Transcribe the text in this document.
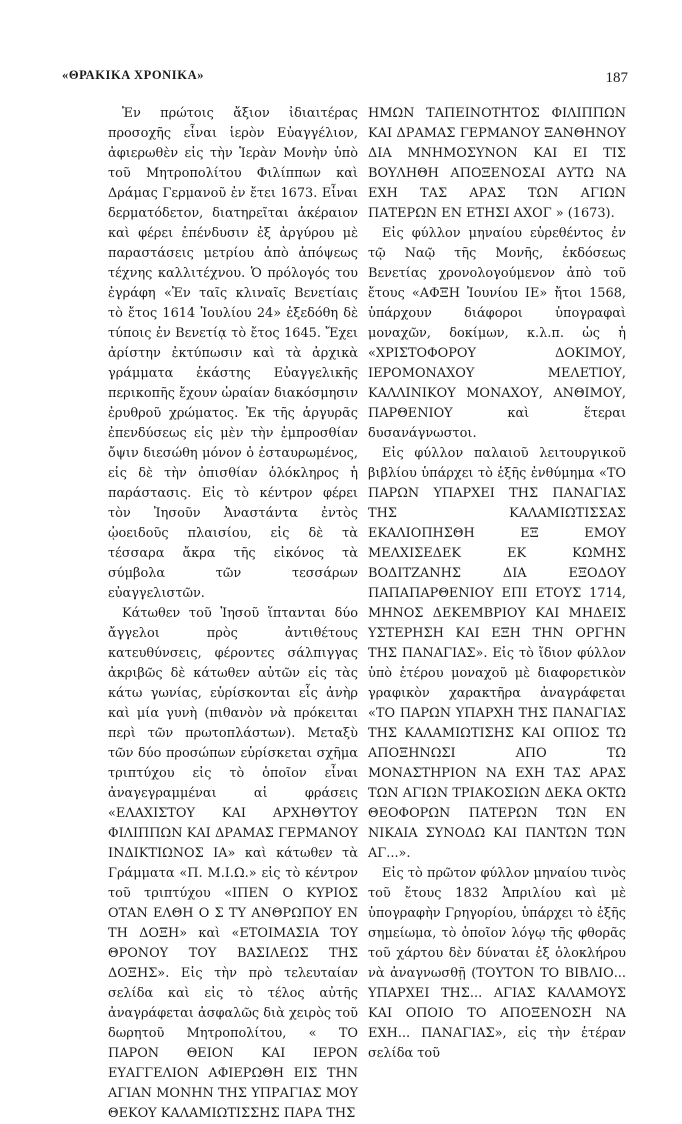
«ΘΡΑΚΙΚΑ ΧΡΟΝΙΚΑ»	187

Ἐν πρώτοις ἄξιον ἰδιαιτέρας προσοχῆς εἶναι ἱερὸν Εὐαγγέλιον, ἀφιερωθὲν εἰς τὴν Ἱερὰν Μονὴν ὑπὸ τοῦ Μητροπολίτου Φιλίππων καὶ Δράμας Γερμανοῦ ἐν ἔτει 1673. Εἶναι δερματόδετον, διατηρεῖται ἀκέραιον καὶ φέρει ἐπένδυσιν ἐξ ἀργύρου μὲ παραστάσεις μετρίου ἀπὸ ἀπόψεως τέχνης καλλιτέχνου. Ὁ πρόλογός του ἐγράφη «Ἐν ταῖς κλιναῖς Βενετίαις τὸ ἔτος 1614 Ἰουλίου 24» ἐξεδόθη δὲ τύποις ἐν Βενετίᾳ τὸ ἔτος 1645. Ἔχει ἀρίστην ἐκτύπωσιν καὶ τὰ ἀρχικὰ γράμματα ἑκάστης Εὐαγγελικῆς περικοπῆς ἔχουν ὡραίαν διακόσμησιν ἐρυθροῦ χρώματος. Ἐκ τῆς ἀργυρᾶς ἐπενδύσεως εἰς μὲν τὴν ἐμπροσθίαν ὄψιν διεσώθη μόνον ὁ ἐσταυρωμένος, εἰς δὲ τὴν ὀπισθίαν ὁλόκληρος ἡ παράστασις. Εἰς τὸ κέντρον φέρει τὸν Ἰησοῦν Ἀναστάντα ἐντὸς ᾠοειδοῦς πλαισίου, εἰς δὲ τὰ τέσσαρα ἄκρα τῆς εἰκόνος τὰ σύμβολα τῶν τεσσάρων εὐαγγελιστῶν.

Κάτωθεν τοῦ Ἰησοῦ ἵπτανται δύο ἄγγελοι πρὸς ἀντιθέτους κατευθύνσεις, φέροντες σάλπιγγας ἀκριβῶς δὲ κάτωθεν αὐτῶν εἰς τὰς κάτω γωνίας, εὑρίσκονται εἷς ἀνὴρ καὶ μία γυνὴ (πιθανὸν νὰ πρόκειται περὶ τῶν πρωτοπλάστων). Μεταξὺ τῶν δύο προσώπων εὑρίσκεται σχῆμα τριπτύχου εἰς τὸ ὁποῖον εἶναι ἀναγεγραμμέναι αἱ φράσεις «ΕΛΑΧΙΣΤΟΥ ΚΑΙ ΑΡΧΗΘΥΤΟΥ ΦΙΛΙΠΠΩΝ ΚΑΙ ΔΡΑΜΑΣ ΓΕΡΜΑΝΟΥ ΙΝΔΙΚΤΙΩΝΟΣ ΙΑ» καὶ κάτωθεν τὰ Γράμματα «Π. Μ.Ι.Ω.» εἰς τὸ κέντρον τοῦ τριπτύχου «ΙΠΕΝ Ο ΚΥΡΙΟΣ ΟΤΑΝ ΕΛΘΗ Ο Σ ΤΥ ΑΝΘΡΩΠΟΥ ΕΝ ΤΗ ΔΟΞΗ» καὶ «ΕΤΟΙΜΑΣΙΑ ΤΟΥ ΘΡΟΝΟΥ ΤΟΥ ΒΑΣΙΛΕΩΣ ΤΗΣ ΔΟΞΗΣ». Εἰς τὴν πρὸ τελευταίαν σελίδα καὶ εἰς τὸ τέλος αὐτῆς ἀναγράφεται ἀσφαλῶς διὰ χειρὸς τοῦ δωρητοῦ Μητροπολίτου, « ΤΟ ΠΑΡΟΝ ΘΕΙΟΝ ΚΑΙ ΙΕΡΟΝ ΕΥΑΓΓΕΛΙΟΝ ΑΦΙΕΡΩΘΗ ΕΙΣ ΤΗΝ ΑΓΙΑΝ ΜΟΝΗΝ ΤΗΣ ΥΠΡΑΓΙΑΣ ΜΟΥ ΘΕΚΟΥ ΚΑΛΑΜΙΩΤΙΣΣΗΣ ΠΑΡΑ ΤΗΣ

ΗΜΩΝ ΤΑΠΕΙΝΟΤΗΤΟΣ ΦΙΛΙΠΠΩΝ ΚΑΙ ΔΡΑΜΑΣ ΓΕΡΜΑΝΟΥ ΞΑΝΘΗΝΟΥ ΔΙΑ ΜΝΗΜΟΣΥΝΟΝ ΚΑΙ ΕΙ ΤΙΣ ΒΟΥΛΗΘΗ ΑΠΟΞΕΝΟΣΑΙ ΑΥΤΩ ΝΑ ΕΧΗ ΤΑΣ ΑΡΑΣ ΤΩΝ ΑΓΙΩΝ ΠΑΤΕΡΩΝ ΕΝ ΕΤΗΣΙ ΑΧΟΓ » (1673).

Εἰς φύλλον μηναίου εὑρεθέντος ἐν τῷ Ναῷ τῆς Μονῆς, ἐκδόσεως Βενετίας χρονολογούμενον ἀπὸ τοῦ ἔτους «ΑΦΞΗ Ἰουνίου ΙΕ» ἤτοι 1568, ὑπάρχουν διάφοροι ὑπογραφαὶ μοναχῶν, δοκίμων, κ.λ.π. ὡς ἡ «ΧΡΙΣΤΟΦΟΡΟΥ ΔΟΚΙΜΟΥ, ΙΕΡΟΜΟΝΑΧΟΥ ΜΕΛΕΤΙΟΥ, ΚΑΛΛΙΝΙΚΟΥ ΜΟΝΑΧΟΥ, ΑΝΘΙΜΟΥ, ΠΑΡΘΕΝΙΟΥ καὶ ἕτεραι δυσανάγνωστοι.

Εἰς φύλλον παλαιοῦ λειτουργικοῦ βιβλίου ὑπάρχει τὸ ἑξῆς ἐνθύμημα «ΤΟ ΠΑΡΩΝ ΥΠΑΡΧΕΙ ΤΗΣ ΠΑΝΑΓΙΑΣ ΤΗΣ ΚΑΛΑΜΙΩΤΙΣΣΑΣ ΕΚΑΛΙΟΠΗΣΘΗ ΕΞ ΕΜΟΥ ΜΕΛΧΙΣΕΔΕΚ ΕΚ ΚΩΜΗΣ ΒΟΔΙΤΖΑΝΗΣ ΔΙΑ ΕΞΟΔΟΥ ΠΑΠΑΠΑΡΘΕΝΙΟΥ ΕΠΙ ΕΤΟΥΣ 1714, ΜΗΝΟΣ ΔΕΚΕΜΒΡΙΟΥ ΚΑΙ ΜΗΔΕΙΣ ΥΣΤΕΡΗΣΗ ΚΑΙ ΕΞΗ ΤΗΝ ΟΡΓΗΝ ΤΗΣ ΠΑΝΑΓΙΑΣ». Εἰς τὸ ἴδιον φύλλον ὑπὸ ἑτέρου μοναχοῦ μὲ διαφορετικὸν γραφικὸν χαρακτῆρα ἀναγράφεται «ΤΟ ΠΑΡΩΝ ΥΠΑΡΧΗ ΤΗΣ ΠΑΝΑΓΙΑΣ ΤΗΣ ΚΑΛΑΜΙΩΤΙΣΗΣ ΚΑΙ ΟΠΙΟΣ ΤΩ ΑΠΟΞΗΝΩΣΙ ΑΠΟ ΤΩ ΜΟΝΑΣΤΗΡΙΟΝ ΝΑ ΕΧΗ ΤΑΣ ΑΡΑΣ ΤΩΝ ΑΓΙΩΝ ΤΡΙΑΚΟΣΙΩΝ ΔΕΚΑ ΟΚΤΩ ΘΕΟΦΟΡΩΝ ΠΑΤΕΡΩΝ ΤΩΝ ΕΝ ΝΙΚΑΙΑ ΣΥΝΟΔΩ ΚΑΙ ΠΑΝΤΩΝ ΤΩΝ ΑΓ...».

Εἰς τὸ πρῶτον φύλλον μηναίου τινὸς τοῦ ἔτους 1832 Ἀπριλίου καὶ μὲ ὑπογραφὴν Γρηγορίου, ὑπάρχει τὸ ἑξῆς σημείωμα, τὸ ὁποῖον λόγῳ τῆς φθορᾶς τοῦ χάρτου δὲν δύναται ἐξ ὁλοκλήρου νὰ ἀναγνωσθῇ (ΤΟΥΤΟΝ ΤΟ ΒΙΒΛΙΟ... ΥΠΑΡΧΕΙ ΤΗΣ... ΑΓΙΑΣ ΚΑΛΑΜΟΥΣ ΚΑΙ ΟΠΟΙΟ ΤΟ ΑΠΟΞΕΝΟΣΗ ΝΑ ΕΧΗ... ΠΑΝΑΓΙΑΣ», εἰς τὴν ἑτέραν σελίδα τοῦ
